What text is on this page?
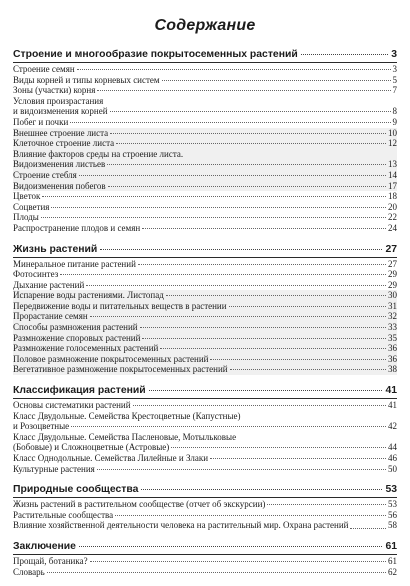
Содержание
Строение и многообразие покрытосеменных растений	3
Строение семян	3
Виды корней и типы корневых систем	5
Зоны (участки) корня	7
Условия произрастания
и видоизменения корней	8
Побег и почки	9
Внешнее строение листа	10
Клеточное строение листа	12
Влияние факторов среды на строение листа.
Видоизменения листьев	13
Строение стебля	14
Видоизменения побегов	17
Цветок	18
Соцветия	20
Плоды	22
Распространение плодов и семян	24
Жизнь растений	27
Минеральное питание растений	27
Фотосинтез	29
Дыхание растений	29
Испарение воды растениями. Листопад	30
Передвижение воды и питательных веществ в растении	31
Прорастание семян	32
Способы размножения растений	33
Размножение споровых растений	35
Размножение голосеменных растений	36
Половое размножение покрытосеменных растений	36
Вегетативное размножение покрытосеменных растений	38
Классификация растений	41
Основы систематики растений	41
Класс Двудольные. Семейства Крестоцветные (Капустные)
и Розоцветные	42
Класс Двудольные. Семейства Пасленовые, Мотыльковые
(Бобовые) и Сложноцветные (Астровые)	44
Класс Однодольные. Семейства Лилейные и Злаки	46
Культурные растения	50
Природные сообщества	53
Жизнь растений в растительном сообществе (отчет об экскурсии)	53
Растительные сообщества	56
Влияние хозяйственной деятельности человека на растительный мир. Охрана растений	58
Заключение	61
Прощай, ботаника?	61
Словарь	62
